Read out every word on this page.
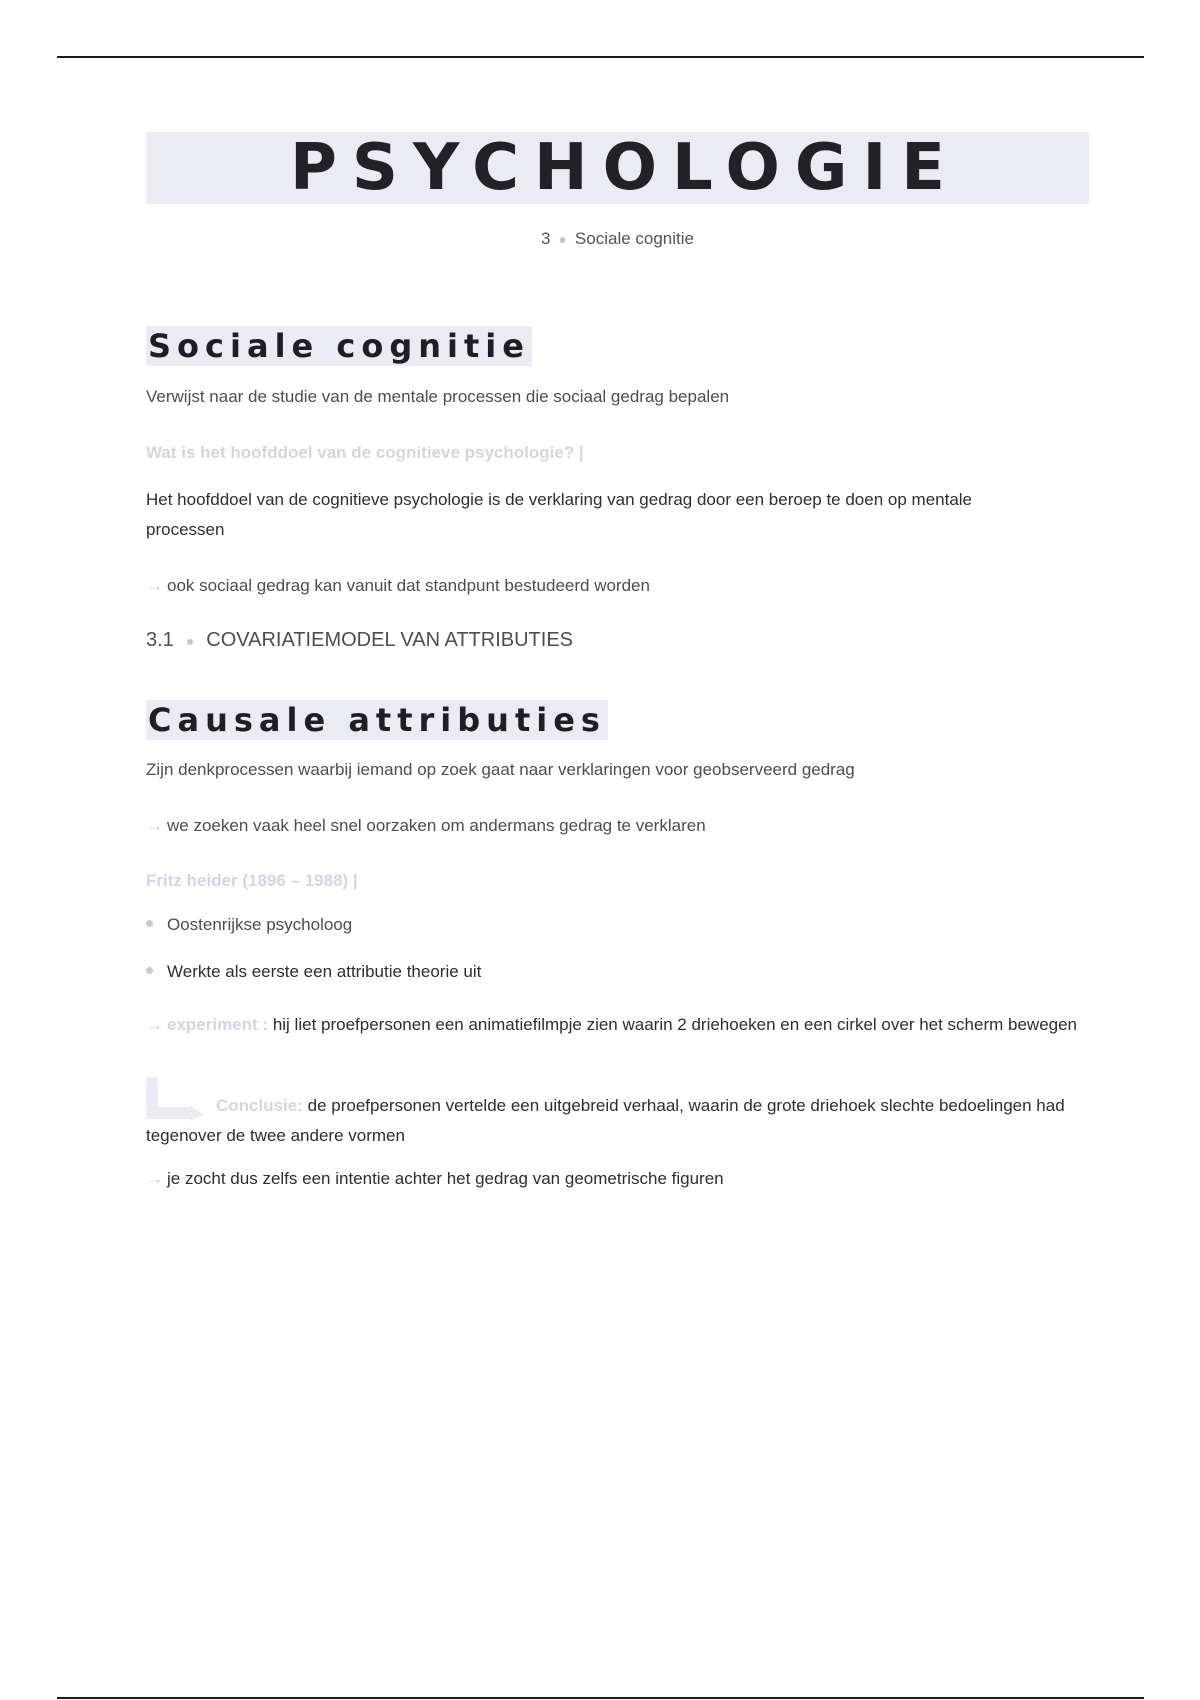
PSYCHOLOGIE
3 ● Sociale cognitie
Sociale cognitie
Verwijst naar de studie van de mentale processen die sociaal gedrag bepalen
Wat is het hoofddoel van de cognitieve psychologie? |
Het hoofddoel van de cognitieve psychologie is de verklaring van gedrag door een beroep te doen op mentale processen
→ ook sociaal gedrag kan vanuit dat standpunt bestudeerd worden
3.1 ● COVARIATIEMODEL VAN ATTRIBUTIES
Causale attributies
Zijn denkprocessen waarbij iemand op zoek gaat naar verklaringen voor geobserveerd gedrag
→ we zoeken vaak heel snel oorzaken om andermans gedrag te verklaren
Fritz heider (1896 – 1988) |
Oostenrijkse psycholoog
Werkte als eerste een attributie theorie uit
→ experiment : hij liet proefpersonen een animatiefilmpje zien waarin 2 driehoeken en een cirkel over het scherm bewegen
Conclusie: de proefpersonen vertelde een uitgebreid verhaal, waarin de grote driehoek slechte bedoelingen had tegenover de twee andere vormen
→ je zocht dus zelfs een intentie achter het gedrag van geometrische figuren
